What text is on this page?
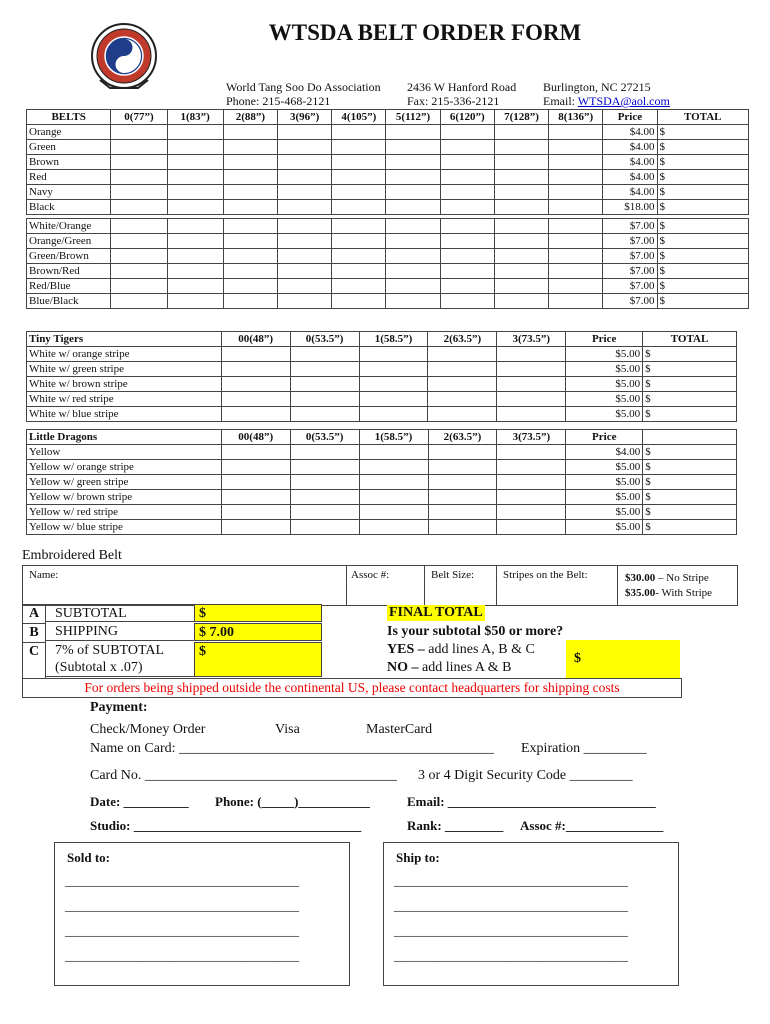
WTSDA BELT ORDER FORM
World Tang Soo Do Association
Phone: 215-468-2121
2436 W Hanford Road
Fax: 215-336-2121
Burlington, NC 27215
Email: WTSDA@aol.com
BELTS	0(77”)	1(83”)	2(88”)	3(96”)	4(105”)	5(112”)	6(120”)	7(128”)	8(136”)	Price	TOTAL
Orange										$4.00	$
Green										$4.00	$
Brown										$4.00	$
Red										$4.00	$
Navy										$4.00	$
Black										$18.00	$

White/Orange										$7.00	$
Orange/Green										$7.00	$
Green/Brown										$7.00	$
Brown/Red										$7.00	$
Red/Blue										$7.00	$
Blue/Black										$7.00	$
Tiny Tigers	00(48”)	0(53.5”)	1(58.5”)	2(63.5”)	3(73.5”)	Price	TOTAL
White w/ orange stripe						$5.00	$
White w/ green stripe						$5.00	$
White w/ brown stripe						$5.00	$
White w/ red stripe						$5.00	$
White w/ blue stripe						$5.00	$
Little Dragons	00(48”)	0(53.5”)	1(58.5”)	2(63.5”)	3(73.5”)	Price	
Yellow						$4.00	$
Yellow w/ orange stripe						$5.00	$
Yellow w/ green stripe						$5.00	$
Yellow w/ brown stripe						$5.00	$
Yellow w/ red stripe						$5.00	$
Yellow w/ blue stripe						$5.00	$
Embroidered Belt
Name:	Assoc #:	Belt Size:	Stripes on the Belt:	$30.00 – No Stripe
$35.00- With Stripe
A	SUBTOTAL	$
B	SHIPPING	$ 7.00
C	7% of SUBTOTAL
(Subtotal x .07)
$
FINAL TOTAL
Is your subtotal $50 or more?
YES – add lines A, B & C
NO – add lines A & B
$
For orders being shipped outside the continental US, please contact headquarters for shipping costs
Payment:
Check/Money Order	Visa	MasterCard
Name on Card: _____________________________________________ Expiration _________
Card No. ____________________________________ 3 or 4 Digit Security Code _________
Date: __________ Phone: (_____)___________	Email: ________________________________
Studio: ___________________________________	Rank: _________ Assoc #:_______________
Sold to:
____________________________________
____________________________________
____________________________________
____________________________________
Ship to:
____________________________________
____________________________________
____________________________________
____________________________________
